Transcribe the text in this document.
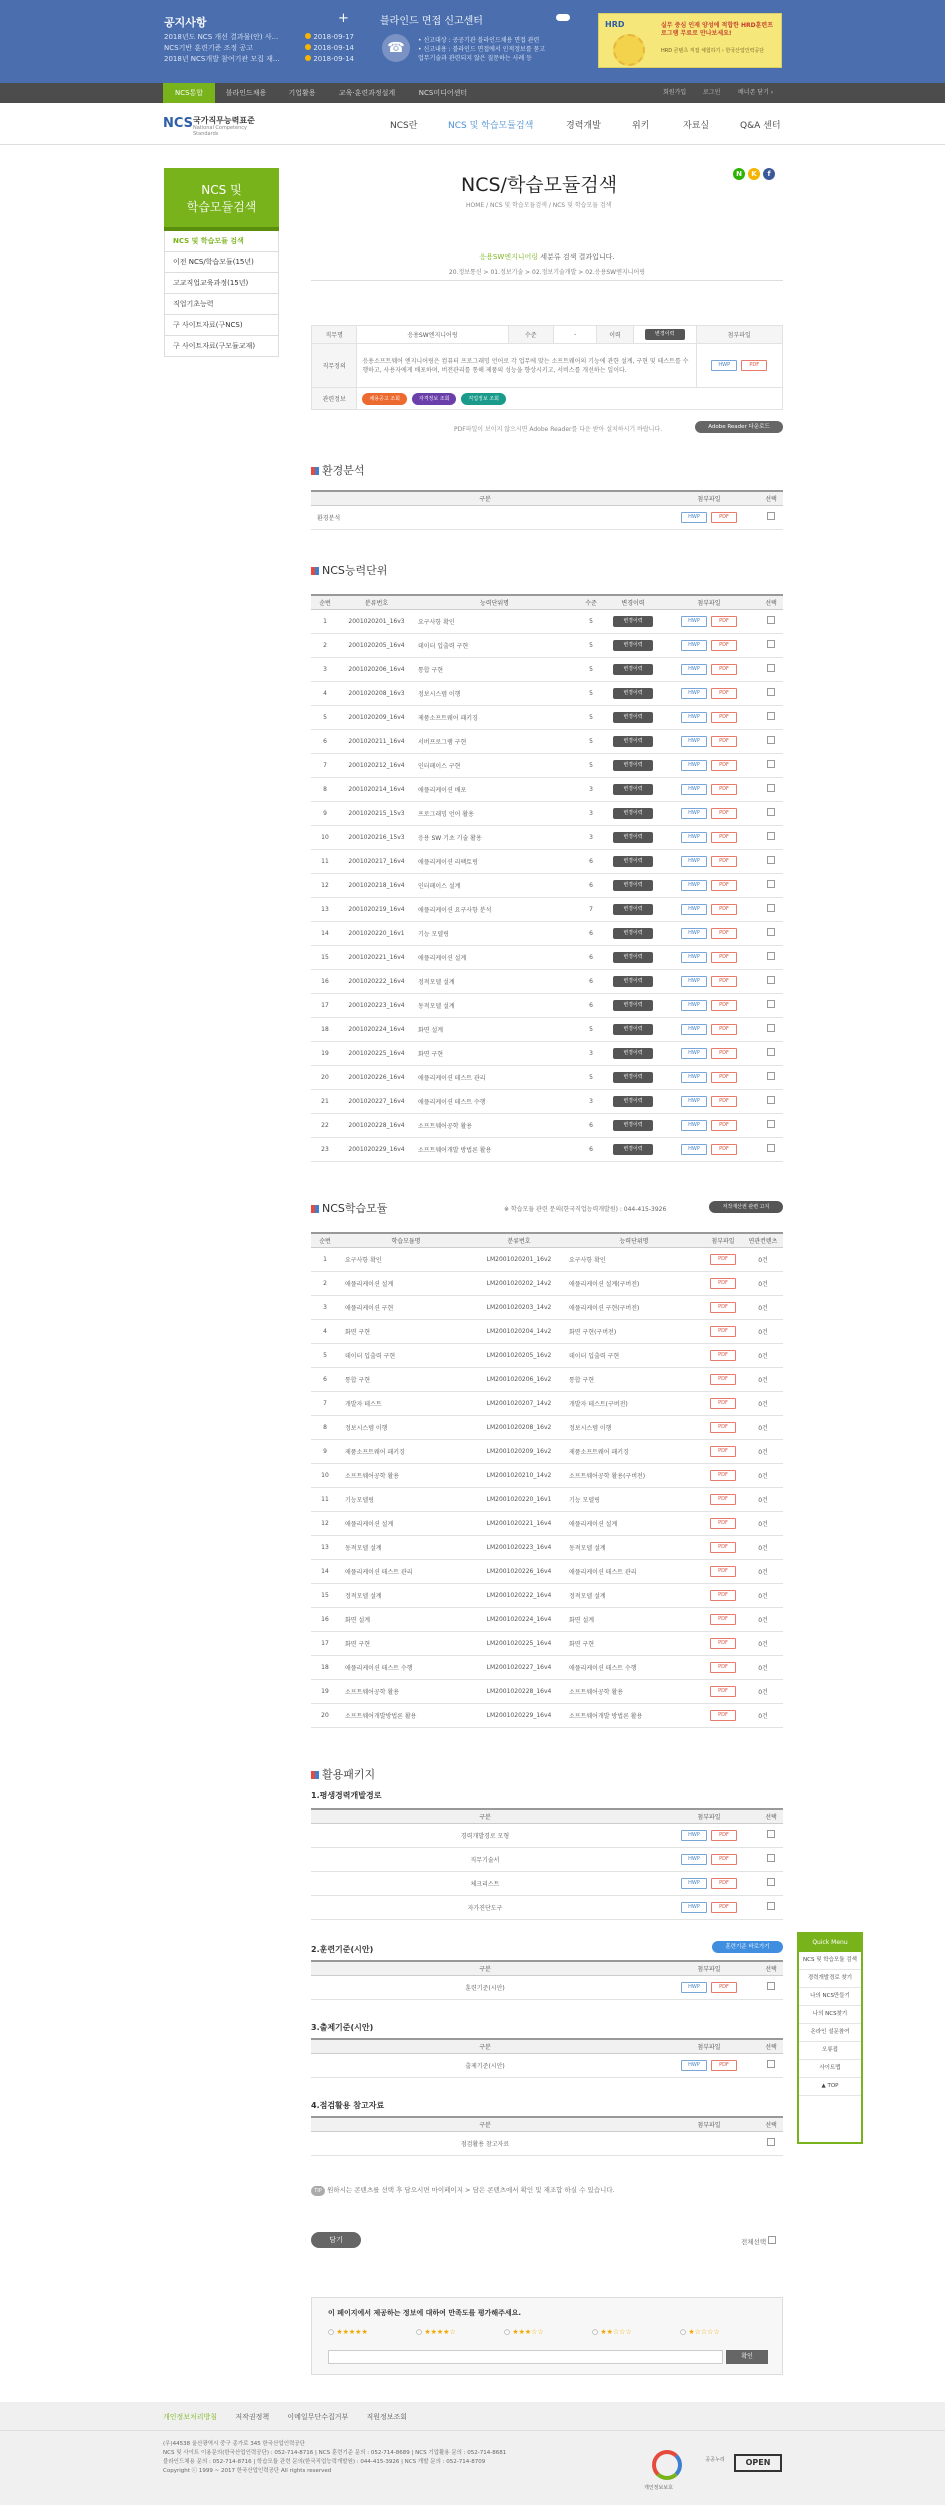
공지사항	+
2018년도 NCS 개선 결과물(안) 사...	2018-09-17
NCS기반 훈련기준 조정 공고	2018-09-14
2018년 NCS개발 참여기관 모집 재...	2018-09-14
블라인드 면접 신고센터
☎	• 신고대상 : 공공기관 블라인드채용 면접 관련
• 신고내용 : 블라인드 면접에서 인적정보를 묻고
업무기술과 관련되지 않은 질문하는 사례 등
HRD	실무 중심 인재 양성에 적합한 HRD훈련프로그램 무료로 만나보세요!
HRD 콘텐츠 직접 체험하기 › 한국산업인력공단
NCS통합	블라인드채용	기업활용	교육·훈련과정설계	NCS미디어센터	회원가입	로그인	배너존 닫기 ›
NCS 국가직무능력표준
National Competency Standards
NCS란	NCS 및 학습모듈검색	경력개발	위키	자료실	Q&A 센터
NCS 및
학습모듈검색
NCS 및 학습모듈 검색
이전 NCS/학습모듈(15년)
고교직업교육과정(15년)
직업기초능력
구 사이트자료(구NCS)
구 사이트자료(구모듈교재)
NCS/학습모듈검색	N	K	f
HOME / NCS 및 학습모듈검색 / NCS 및 학습모듈 검색
응용SW엔지니어링 세분류 검색 결과입니다.
20.정보통신 > 01.정보기술 > 02.정보기술개발 > 02.응용SW엔지니어링
직무명	응용SW엔지니어링	수준	-	이력	변경이력	첨부파일
직무정의	응용소프트웨어 엔지니어링은 컴퓨터 프로그래밍 언어로 각 업무에 맞는 소프트웨어의 기능에 관한 설계, 구현 및 테스트를 수행하고, 사용자에게 배포하며, 버전관리를 통해 제품의 성능을 향상시키고, 서비스를 개선하는 일이다.					HWP PDF
관련정보	채용공고 조회 자격정보 조회 직업정보 조회					
PDF파일이 보이지 않으시면 Adobe Reader를 다운 받아 설치하시기 바랍니다.	Adobe Reader 다운로드
환경분석
구분	첨부파일	선택
환경분석	HWP PDF	
NCS능력단위
순번	분류번호	능력단위명	수준	변경이력	첨부파일	선택
1	2001020201_16v3	요구사항 확인	5	변경이력	HWP PDF	
2	2001020205_16v4	데이터 입출력 구현	5	변경이력	HWP PDF	
3	2001020206_16v4	통합 구현	5	변경이력	HWP PDF	
4	2001020208_16v3	정보시스템 이행	5	변경이력	HWP PDF	
5	2001020209_16v4	제품소프트웨어 패키징	5	변경이력	HWP PDF	
6	2001020211_16v4	서버프로그램 구현	5	변경이력	HWP PDF	
7	2001020212_16v4	인터페이스 구현	5	변경이력	HWP PDF	
8	2001020214_16v4	애플리케이션 배포	3	변경이력	HWP PDF	
9	2001020215_15v3	프로그래밍 언어 활용	3	변경이력	HWP PDF	
10	2001020216_15v3	응용 SW 기초 기술 활용	3	변경이력	HWP PDF	
11	2001020217_16v4	애플리케이션 리팩토링	6	변경이력	HWP PDF	
12	2001020218_16v4	인터페이스 설계	6	변경이력	HWP PDF	
13	2001020219_16v4	애플리케이션 요구사항 분석	7	변경이력	HWP PDF	
14	2001020220_16v1	기능 모델링	6	변경이력	HWP PDF	
15	2001020221_16v4	애플리케이션 설계	6	변경이력	HWP PDF	
16	2001020222_16v4	정적모델 설계	6	변경이력	HWP PDF	
17	2001020223_16v4	동적모델 설계	6	변경이력	HWP PDF	
18	2001020224_16v4	화면 설계	5	변경이력	HWP PDF	
19	2001020225_16v4	화면 구현	3	변경이력	HWP PDF	
20	2001020226_16v4	애플리케이션 테스트 관리	5	변경이력	HWP PDF	
21	2001020227_16v4	애플리케이션 테스트 수행	3	변경이력	HWP PDF	
22	2001020228_16v4	소프트웨어공학 활용	6	변경이력	HWP PDF	
23	2001020229_16v4	소프트웨어개발 방법론 활용	6	변경이력	HWP PDF	
NCS학습모듈	※ 학습모듈 관련 문의(한국직업능력개발원) : 044-415-3926	저작재산권 관련 고지
순번	학습모듈명	분류번호	능력단위명	첨부파일	연관컨텐츠
1	요구사항 확인	LM2001020201_16v2	요구사항 확인	PDF	0건
2	애플리케이션 설계	LM2001020202_14v2	애플리케이션 설계(구버전)	PDF	0건
3	애플리케이션 구현	LM2001020203_14v2	애플리케이션 구현(구버전)	PDF	0건
4	화면 구현	LM2001020204_14v2	화면 구현(구버전)	PDF	0건
5	데이터 입출력 구현	LM2001020205_16v2	데이터 입출력 구현	PDF	0건
6	통합 구현	LM2001020206_16v2	통합 구현	PDF	0건
7	개발자 테스트	LM2001020207_14v2	개발자 테스트(구버전)	PDF	0건
8	정보시스템 이행	LM2001020208_16v2	정보시스템 이행	PDF	0건
9	제품소프트웨어 패키징	LM2001020209_16v2	제품소프트웨어 패키징	PDF	0건
10	소프트웨어공학 활용	LM2001020210_14v2	소프트웨어공학 활용(구버전)	PDF	0건
11	기능모델링	LM2001020220_16v1	기능 모델링	PDF	0건
12	애플리케이션 설계	LM2001020221_16v4	애플리케이션 설계	PDF	0건
13	동적모델 설계	LM2001020223_16v4	동적모델 설계	PDF	0건
14	애플리케이션 테스트 관리	LM2001020226_16v4	애플리케이션 테스트 관리	PDF	0건
15	정적모델 설계	LM2001020222_16v4	정적모델 설계	PDF	0건
16	화면 설계	LM2001020224_16v4	화면 설계	PDF	0건
17	화면 구현	LM2001020225_16v4	화면 구현	PDF	0건
18	애플리케이션 테스트 수행	LM2001020227_16v4	애플리케이션 테스트 수행	PDF	0건
19	소프트웨어공학 활용	LM2001020228_16v4	소프트웨어공학 활용	PDF	0건
20	소프트웨어개발방법론 활용	LM2001020229_16v4	소프트웨어개발 방법론 활용	PDF	0건
활용패키지
1.평생경력개발경로
구분	첨부파일	선택
경력개발경로 모형	HWP PDF	
직무기술서	HWP PDF	
체크리스트	HWP PDF	
자가진단도구	HWP PDF	
2.훈련기준(시안)	훈련기준 바로가기
구분	첨부파일	선택
훈련기준(시안)	HWP PDF	
3.출제기준(시안)
구분	첨부파일	선택
출제기준(시안)	HWP PDF	
4.점검활용 참고자료
구분	첨부파일	선택
점검활용 참고자료		
TIP 원하시는 콘텐츠를 선택 후 담으시면 마이페이지 > 담은 콘텐츠에서 확인 및 재조합 하실 수 있습니다.
담기	전체선택
이 페이지에서 제공하는 정보에 대하여 만족도를 평가해주세요.
○ ★★★★★	○ ★★★★☆	○ ★★★☆☆	○ ★★☆☆☆	○ ★☆☆☆☆
확인
Quick Menu
NCS 및 학습모듈 검색
경력개발경로 찾기
나의 NCS만들기
나의 NCS찾기
온라인 설문참여
오류접
사이트맵
▲ TOP
개인정보처리방침	저작권정책	이메일무단수집거부	직원정보조회
(우)44538 울산광역시 중구 종가로 345 한국산업인력공단
NCS 및 사이트 이용문의(한국산업인력공단) : 052-714-8716 | NCS 훈련기준 문의 : 052-714-8689 | NCS 기업활용 문의 : 052-714-8681
블라인드채용 문의 : 052-714-8716 | 학습모듈 관련 문의(한국직업능력개발원) : 044-415-3926 | NCS 개발 문의 : 052-714-8709
Copyright ⓒ 1999 ~ 2017 한국산업인력공단 All rights reserved
개인정보보호
공공누리	OPEN
